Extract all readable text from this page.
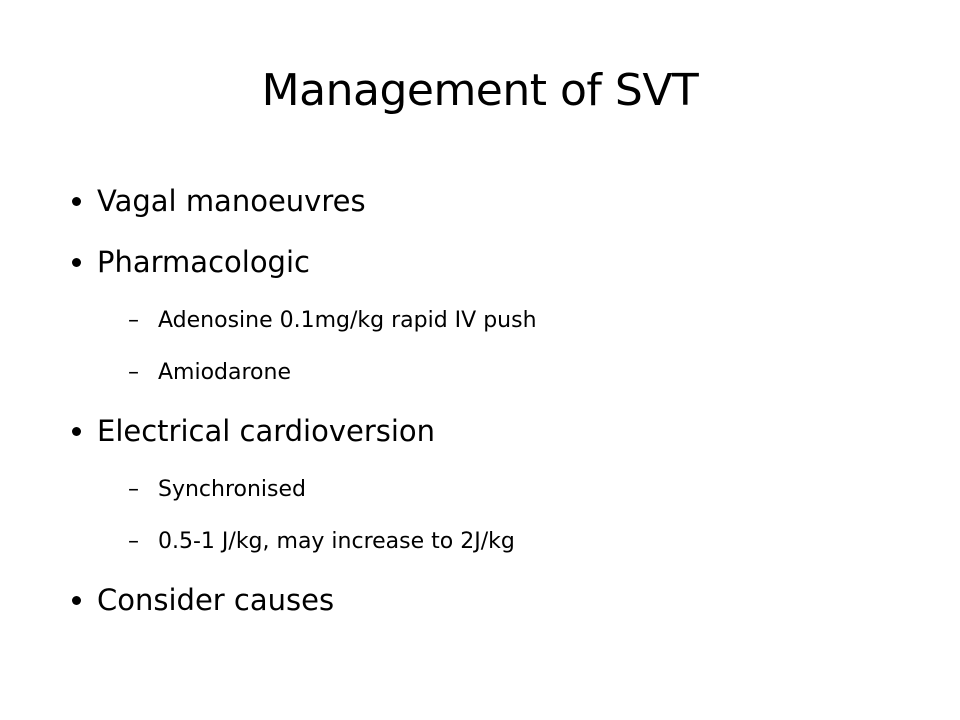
Management of SVT
Vagal manoeuvres
Pharmacologic
– Adenosine 0.1mg/kg rapid IV push
– Amiodarone
Electrical cardioversion
– Synchronised
– 0.5-1 J/kg, may increase to 2J/kg
Consider causes
